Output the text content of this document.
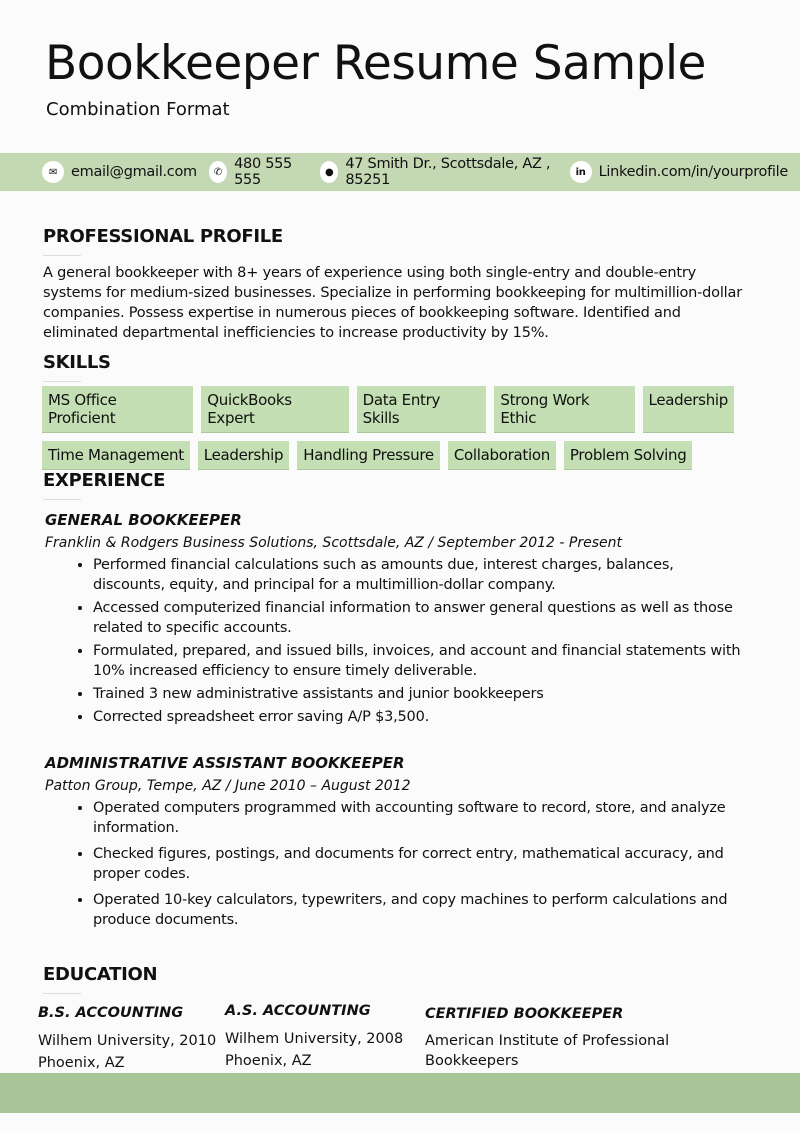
Bookkeeper Resume Sample
Combination Format
✉ email@gmail.com	✆ 480 555 555	● 47 Smith Dr., Scottsdale, AZ , 85251	in Linkedin.com/in/yourprofile
PROFESSIONAL PROFILE
A general bookkeeper with 8+ years of experience using both single-entry and double-entry systems for medium-sized businesses. Specialize in performing bookkeeping for multimillion-dollar companies. Possess expertise in numerous pieces of bookkeeping software. Identified and eliminated departmental inefficiencies to increase productivity by 15%.
SKILLS
MS Office Proficient
QuickBooks Expert
Data Entry Skills
Strong Work Ethic
Leadership
Time Management	Leadership	Handling Pressure	Collaboration	Problem Solving
EXPERIENCE
GENERAL BOOKKEEPER
Franklin & Rodgers Business Solutions, Scottsdale, AZ / September 2012 - Present
• Performed financial calculations such as amounts due, interest charges, balances, discounts, equity, and principal for a multimillion-dollar company.
• Accessed computerized financial information to answer general questions as well as those related to specific accounts.
• Formulated, prepared, and issued bills, invoices, and account and financial statements with 10% increased efficiency to ensure timely deliverable.
• Trained 3 new administrative assistants and junior bookkeepers
• Corrected spreadsheet error saving A/P $3,500.
ADMINISTRATIVE ASSISTANT BOOKKEEPER
Patton Group, Tempe, AZ / June 2010 – August 2012
• Operated computers programmed with accounting software to record, store, and analyze information.
• Checked figures, postings, and documents for correct entry, mathematical accuracy, and proper codes.
• Operated 10-key calculators, typewriters, and copy machines to perform calculations and produce documents.
EDUCATION
B.S. ACCOUNTING
Wilhem University, 2010
Phoenix, AZ
A.S. ACCOUNTING
Wilhem University, 2008
Phoenix, AZ
CERTIFIED BOOKKEEPER
American Institute of Professional
Bookkeepers
